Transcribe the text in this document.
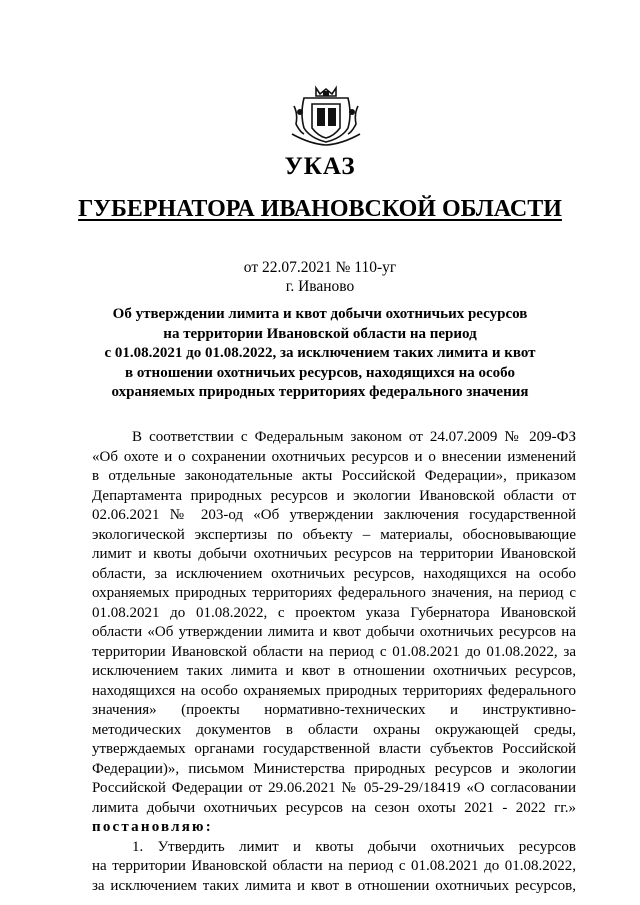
УКАЗ
ГУБЕРНАТОРА ИВАНОВСКОЙ ОБЛАСТИ
от 22.07.2021 № 110-уг
г. Иваново
Об утверждении лимита и квот добычи охотничьих ресурсов
на территории Ивановской области на период
с 01.08.2021 до 01.08.2022, за исключением таких лимита и квот
в отношении охотничьих ресурсов, находящихся на особо
охраняемых природных территориях федерального значения
В соответствии с Федеральным законом от 24.07.2009 № 209-ФЗ
«Об охоте и о сохранении охотничьих ресурсов и о внесении изменений
в отдельные законодательные акты Российской Федерации», приказом
Департамента природных ресурсов и экологии Ивановской области от
02.06.2021 № 203-од «Об утверждении заключения государственной
экологической экспертизы по объекту – материалы, обосновывающие
лимит и квоты добычи охотничьих ресурсов на территории Ивановской
области, за исключением охотничьих ресурсов, находящихся на особо
охраняемых природных территориях федерального значения, на период с
01.08.2021 до 01.08.2022, с проектом указа Губернатора Ивановской
области «Об утверждении лимита и квот добычи охотничьих ресурсов на
территории Ивановской области на период с 01.08.2021 до 01.08.2022, за
исключением таких лимита и квот в отношении охотничьих ресурсов,
находящихся на особо охраняемых природных территориях федерального
значения» (проекты нормативно-технических и инструктивно-
методических документов в области охраны окружающей среды,
утверждаемых органами государственной власти субъектов Российской
Федерации)», письмом Министерства природных ресурсов и экологии
Российской Федерации от 29.06.2021 № 05-29-29/18419 «О согласовании
лимита добычи охотничьих ресурсов на сезон охоты 2021 - 2022 гг.»
постановляю:
1. Утвердить лимит и квоты добычи охотничьих ресурсов
на территории Ивановской области на период с 01.08.2021 до 01.08.2022,
за исключением таких лимита и квот в отношении охотничьих ресурсов,
